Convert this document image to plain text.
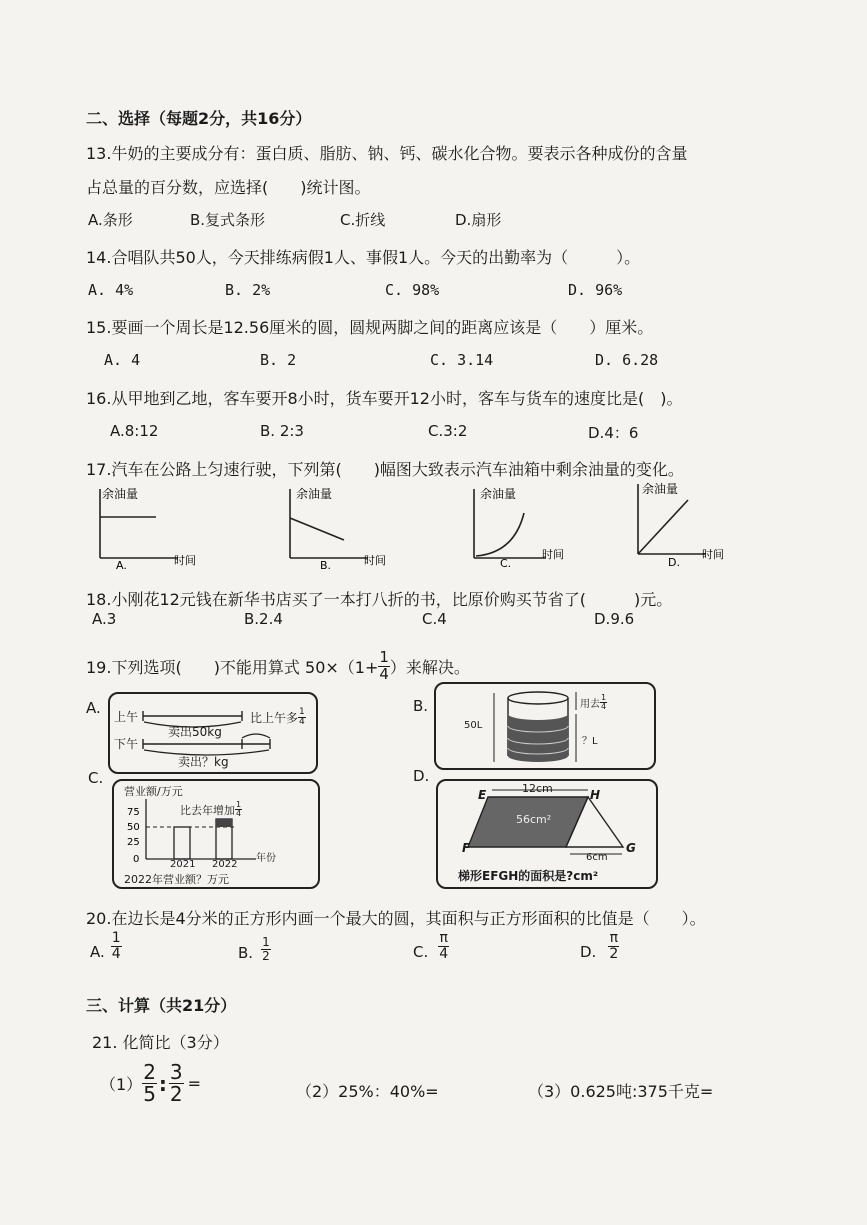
二、选择（每题2分，共16分）
13.牛奶的主要成分有：蛋白质、脂肪、钠、钙、碳水化合物。要表示各种成份的含量
占总量的百分数，应选择(　　)统计图。
A.条形	B.复式条形	C.折线	D.扇形
14.合唱队共50人，今天排练病假1人、事假1人。今天的出勤率为（　　　）。
A. 4%	B. 2%	C. 98%	D. 96%
15.要画一个周长是12.56厘米的圆，圆规两脚之间的距离应该是（　　）厘米。
A. 4	B. 2	C. 3.14	D. 6.28
16.从甲地到乙地，客车要开8小时，货车要开12小时，客车与货车的速度比是(　)。
A.8:12	B. 2:3	C.3:2	D.4：6
17.汽车在公路上匀速行驶，下列第(　　)幅图大致表示汽车油箱中剩余油量的变化。
余油量
A.	时间
余油量
B.	时间
余油量
C.
时间
余油量
D.
时间
18.小刚花12元钱在新华书店买了一本打八折的书，比原价购买节省了(　　　)元。
A.3	B.2.4	C.4	D.9.6
19.下列选项(　　)不能用算式 $50\times(1+ \frac{1}{4}$ ）来解决。
A.	B.
C.	D.
上午
下午
卖出50kg
比上午多 $\frac{1}{4}$
卖出？kg
50L
用去 $\frac{1}{4}$
？L
营业额/万元
75
50
25
0
比去年增加 $\frac{1}{4}$
2021 2022
年份
2022年营业额？万元
E	H
F	G
12cm
56cm²
6cm
梯形EFGH的面积是?cm²
20.在边长是4分米的正方形内画一个最大的圆，其面积与正方形面积的比值是（　　）。
A. $\frac{1}{4}$	B. $\frac{1}{2}$	C. $\frac{\pi}{4}$	D. $\frac{\pi}{2}$
三、计算（共21分）
21. 化简比（3分）
$(1) \frac{2}{5}$ : $\frac{3}{2}$ =	（2）25%：40%=	（3）0.625吨:375千克=
